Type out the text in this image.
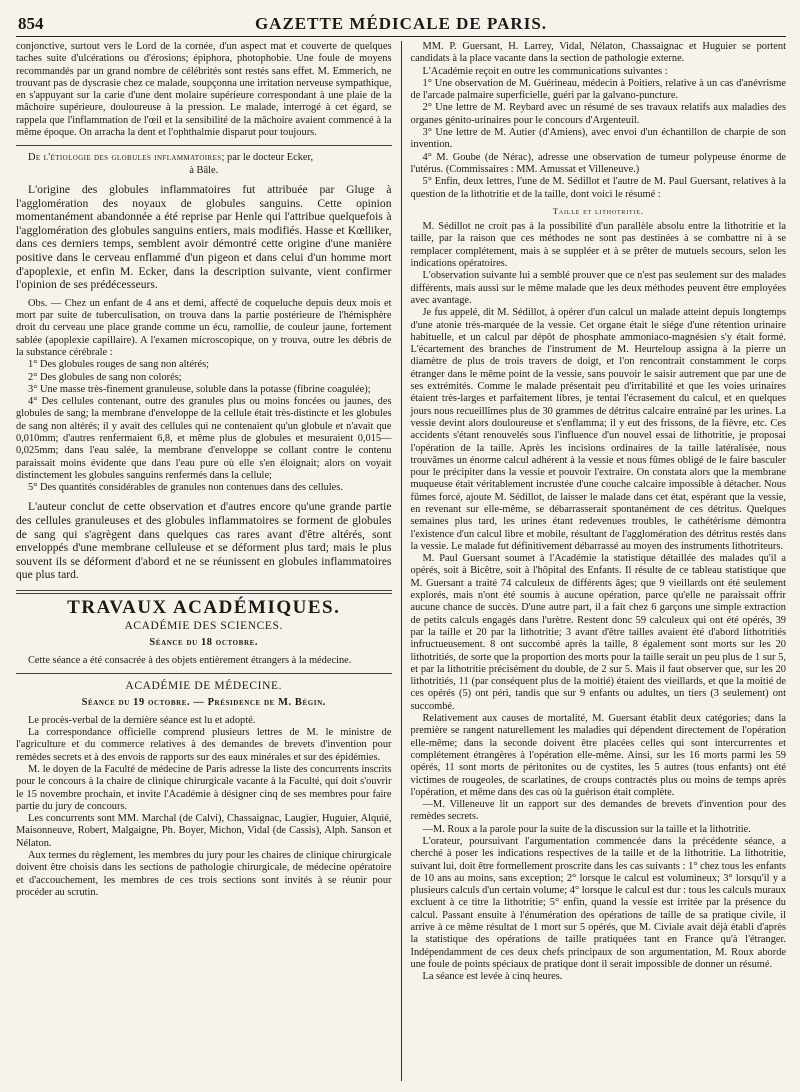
854	GAZETTE MÉDICALE DE PARIS.

conjonctive, surtout vers le Lord de la cornée, d'un aspect mat et couverte de quelques taches suite d'ulcérations ou d'érosions; épiphora, photophobie. Une foule de moyens recommandés par un grand nombre de célébrités sont restés sans effet. M. Emmerich, ne trouvant pas de dyscrasie chez ce malade, soupçonna une irritation nerveuse sympathique, en s'appuyant sur la carie d'une dent molaire supérieure correspondant à une plaie de la mâchoire supérieure, douloureuse à la pression. Le malade, interrogé à cet égard, se rappela que l'inflammation de l'œil et la sensibilité de la mâchoire avaient commencé à la même époque. On arracha la dent et l'ophthalmie disparut pour toujours.

De l'étiologie des globules inflammatoires; par le docteur Ecker,

à Bâle.

L'origine des globules inflammatoires fut attribuée par Gluge à l'agglomération des noyaux de globules sanguins. Cette opinion momentanément abandonnée a été reprise par Henle qui l'attribue quelquefois à l'agglomération des globules sanguins entiers, mais modifiés. Hasse et Kœlliker, dans ces derniers temps, semblent avoir démontré cette origine d'une manière positive dans le cerveau enflammé d'un pigeon et dans celui d'un homme mort d'apoplexie, et enfin M. Ecker, dans la description suivante, vient confirmer l'opinion de ses prédécesseurs.

Obs. — Chez un enfant de 4 ans et demi, affecté de coqueluche depuis deux mois et mort par suite de tuberculisation, on trouva dans la partie postérieure de l'hémisphère droit du cerveau une place grande comme un écu, ramollie, de couleur jaune, fortement sablée (apoplexie capillaire). A l'examen microscopique, on y trouva, outre les débris de la substance cérébrale :

1° Des globules rouges de sang non altérés;

2° Des globules de sang non colorés;

3° Une masse très-finement granuleuse, soluble dans la potasse (fibrine coagulée);

4° Des cellules contenant, outre des granules plus ou moins foncées ou jaunes, des globules de sang; la membrane d'enveloppe de la cellule était très-distincte et les globules de sang non altérés; il y avait des cellules qui ne contenaient qu'un globule et n'avait que 0,010mm; d'autres renfermaient 6,8, et même plus de globules et mesuraient 0,015—0,025mm; dans l'eau salée, la membrane d'enveloppe se collant contre le contenu paraissait moins évidente que dans l'eau pure où elle s'en éloignait; alors on voyait distinctement les globules sanguins renfermés dans la cellule;

5° Des quantités considérables de granules non contenues dans des cellules.

L'auteur conclut de cette observation et d'autres encore qu'une grande partie des cellules granuleuses et des globules inflammatoires se forment de globules de sang qui s'agrègent dans quelques cas rares avant d'être altérés, sont enveloppés d'une membrane celluleuse et se déforment plus tard; mais le plus souvent ils se déforment d'abord et ne se réunissent en globules inflammatoires que plus tard.

TRAVAUX ACADÉMIQUES.
ACADÉMIE DES SCIENCES.
Séance du 18 octobre.

Cette séance a été consacrée à des objets entièrement étrangers à la médecine.

ACADÉMIE DE MÉDECINE.
Séance du 19 octobre. — Présidence de M. Bégin.

Le procès-verbal de la dernière séance est lu et adopté.

La correspondance officielle comprend plusieurs lettres de M. le ministre de l'agriculture et du commerce relatives à des demandes de brevets d'invention pour remèdes secrets et à des envois de rapports sur des eaux minérales et sur des épidémies.

M. le doyen de la Faculté de médecine de Paris adresse la liste des concurrents inscrits pour le concours à la chaire de clinique chirurgicale vacante à la Faculté, qui doit s'ouvrir le 15 novembre prochain, et invite l'Académie à désigner cinq de ses membres pour faire partie du jury de concours.

Les concurrents sont MM. Marchal (de Calvi), Chassaignac, Laugier, Huguier, Alquié, Maisonneuve, Robert, Malgaigne, Ph. Boyer, Michon, Vidal (de Cassis), Alph. Sanson et Nélaton.

Aux termes du règlement, les membres du jury pour les chaires de clinique chirurgicale doivent être choisis dans les sections de pathologie chirurgicale, de médecine opératoire et d'accouchement, les membres de ces trois sections sont invités à se réunir pour procéder au scrutin.

MM. P. Guersant, H. Larrey, Vidal, Nélaton, Chassaignac et Huguier se portent candidats à la place vacante dans la section de pathologie externe.

L'Académie reçoit en outre les communications suivantes :

1° Une observation de M. Guérineau, médecin à Poitiers, relative à un cas d'anévrisme de l'arcade palmaire superficielle, guéri par la galvano-puncture.

2° Une lettre de M. Reybard avec un résumé de ses travaux relatifs aux maladies des organes génito-urinaires pour le concours d'Argenteuil.

3° Une lettre de M. Autier (d'Amiens), avec envoi d'un échantillon de charpie de son invention.

4° M. Goube (de Nérac), adresse une observation de tumeur polypeuse énorme de l'utérus. (Commissaires : MM. Amussat et Villeneuve.)

5° Enfin, deux lettres, l'une de M. Sédillot et l'autre de M. Paul Guersant, relatives à la question de la lithotritie et de la taille, dont voici le résumé :

Taille et lithotritie.

M. Sédillot ne croit pas à la possibilité d'un parallèle absolu entre la lithotritie et la taille, par la raison que ces méthodes ne sont pas destinées à se combattre ni à se remplacer complétement, mais à se suppléer et à se prêter de mutuels secours, selon les indications opératoires.

L'observation suivante lui a semblé prouver que ce n'est pas seulement sur des malades différents, mais aussi sur le même malade que les deux méthodes peuvent être employées avec avantage.

Je fus appelé, dit M. Sédillot, à opérer d'un calcul un malade atteint depuis longtemps d'une atonie très-marquée de la vessie. Cet organe était le siége d'une rétention urinaire habituelle, et un calcul par dépôt de phosphate ammoniaco-magnésien s'y était formé. L'écartement des branches de l'instrument de M. Heurteloup assigna à la pierre un diamètre de plus de trois travers de doigt, et l'on rencontrait constamment le corps étranger dans le même point de la vessie, sans pouvoir le saisir autrement que par une de ses extrémités. Comme le malade présentait peu d'irritabilité et que les voies urinaires étaient très-larges et parfaitement libres, je tentai l'écrasement du calcul, et en quelques jours nous recueillîmes plus de 30 grammes de détritus calcaire entraîné par les urines. La vessie devint alors douloureuse et s'enflamma; il y eut des frissons, de la fièvre, etc. Ces accidents s'étant renouvelés sous l'influence d'un nouvel essai de lithotritie, je proposai l'opération de la taille. Après les incisions ordinaires de la taille latéralisée, nous trouvâmes un énorme calcul adhérent à la vessie et nous fûmes obligé de le faire basculer pour le précipiter dans la vessie et pouvoir l'extraire. On constata alors que la membrane muqueuse était véritablement incrustée d'une couche calcaire impossible à détacher. Nous fûmes forcé, ajoute M. Sédillot, de laisser le malade dans cet état, espérant que la vessie, en revenant sur elle-même, se débarrasserait spontanément de ces détritus. Quelques semaines plus tard, les urines étant redevenues troubles, le cathétérisme démontra l'existence d'un calcul libre et mobile, résultant de l'agglomération des détritus restés dans la vessie. Le malade fut définitivement débarrassé au moyen des instruments lithotriteurs.

M. Paul Guersant soumet à l'Académie la statistique détaillée des malades qu'il a opérés, soit à Bicêtre, soit à l'hôpital des Enfants. Il résulte de ce tableau statistique que M. Guersant a traité 74 calculeux de différents âges; que 9 vieillards ont été seulement explorés, mais n'ont été soumis à aucune opération, parce qu'elle ne paraissait offrir aucune chance de succès. D'une autre part, il a fait chez 6 garçons une simple extraction de petits calculs engagés dans l'urètre. Restent donc 59 calculeux qui ont été opérés, 39 par la taille et 20 par la lithotritie; 3 avant d'être tailles avaient été d'abord lithotritiés infructueusement. 8 ont succombé après la taille, 8 également sont morts sur les 20 lithotritiés, de sorte que la proportion des morts pour la taille serait un peu plus de 1 sur 5, et par la lithotritie précisément du double, de 2 sur 5. Mais il faut observer que, sur les 20 lithotritiés, 11 (par conséquent plus de la moitié) étaient des vieillards, et que la moitié de ces opérés (5) ont péri, tandis que sur 9 enfants ou adultes, un tiers (3 seulement) ont succombé.

Relativement aux causes de mortalité, M. Guersant établit deux catégories; dans la première se rangent naturellement les maladies qui dépendent directement de l'opération elle-même; dans la seconde doivent être placées celles qui sont intercurrentes et complétement étrangères à l'opération elle-même. Ainsi, sur les 16 morts parmi les 59 opérés, 11 sont morts de péritonites ou de cystites, les 5 autres (tous enfants) ont été victimes de rougeoles, de scarlatines, de croups contractés plus ou moins de temps après l'opération, et même dans des cas où la guérison était complète.

—M. Villeneuve lit un rapport sur des demandes de brevets d'invention pour des remèdes secrets.

—M. Roux a la parole pour la suite de la discussion sur la taille et la lithotritie.

L'orateur, poursuivant l'argumentation commencée dans la précédente séance, a cherché à poser les indications respectives de la taille et de la lithotritie. La lithotritie, suivant lui, doit être formellement proscrite dans les cas suivants : 1° chez tous les enfants de 10 ans au moins, sans exception; 2° lorsque le calcul est volumineux; 3° lorsqu'il y a plusieurs calculs d'un certain volume; 4° lorsque le calcul est dur : tous les calculs muraux excluent à ce titre la lithotritie; 5° enfin, quand la vessie est irritée par la présence du calcul. Passant ensuite à l'énumération des opérations de taille de sa pratique civile, il arrive à ce même résultat de 1 mort sur 5 opérés, que M. Civiale avait déjà établi d'après la statistique des opérations de taille pratiquées tant en France qu'à l'étranger. Indépendamment de ces deux chefs principaux de son argumentation, M. Roux aborde une foule de points spéciaux de pratique dont il serait impossible de donner un résumé.

La séance est levée à cinq heures.
